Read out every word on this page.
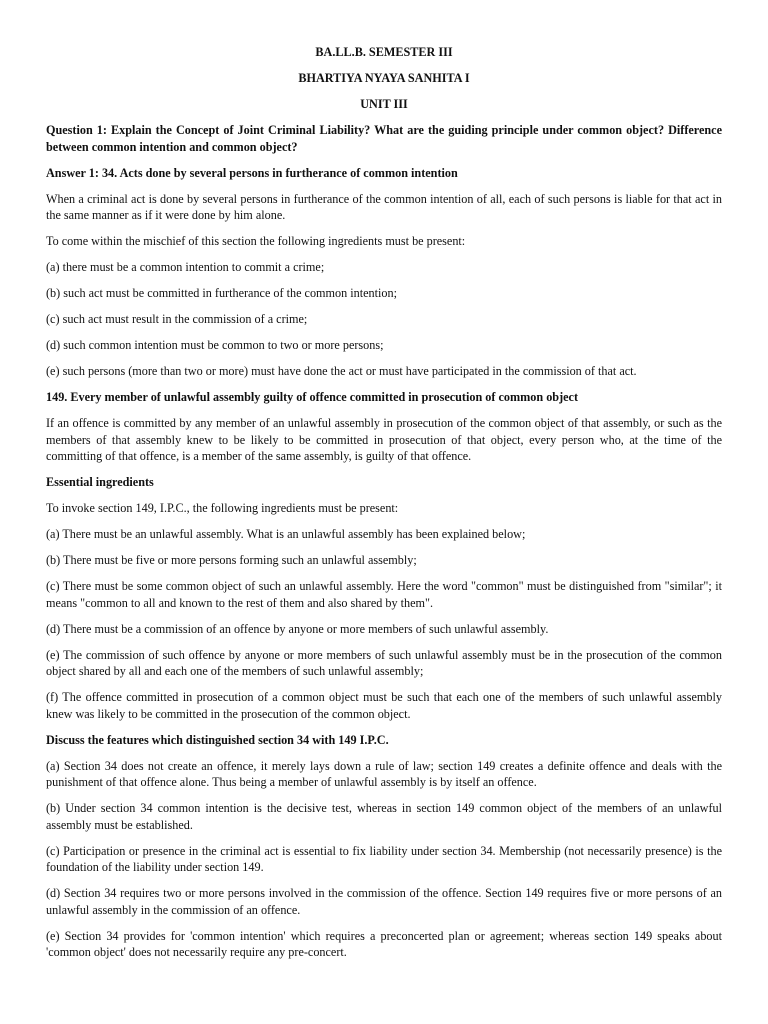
BA.LL.B. SEMESTER III
BHARTIYA NYAYA SANHITA I
UNIT III

Question 1: Explain the Concept of Joint Criminal Liability? What are the guiding principle under common object? Difference between common intention and common object?

Answer 1: 34. Acts done by several persons in furtherance of common intention

When a criminal act is done by several persons in furtherance of the common intention of all, each of such persons is liable for that act in the same manner as if it were done by him alone.

To come within the mischief of this section the following ingredients must be present:

(a) there must be a common intention to commit a crime;

(b) such act must be committed in furtherance of the common intention;

(c) such act must result in the commission of a crime;

(d) such common intention must be common to two or more persons;

(e) such persons (more than two or more) must have done the act or must have participated in the commission of that act.

149. Every member of unlawful assembly guilty of offence committed in prosecution of common object

If an offence is committed by any member of an unlawful assembly in prosecution of the common object of that assembly, or such as the members of that assembly knew to be likely to be committed in prosecution of that object, every person who, at the time of the committing of that offence, is a member of the same assembly, is guilty of that offence.

Essential ingredients

To invoke section 149, I.P.C., the following ingredients must be present:

(a) There must be an unlawful assembly. What is an unlawful assembly has been explained below;

(b) There must be five or more persons forming such an unlawful assembly;

(c) There must be some common object of such an unlawful assembly. Here the word "common" must be distinguished from "similar"; it means "common to all and known to the rest of them and also shared by them".

(d) There must be a commission of an offence by anyone or more members of such unlawful assembly.

(e) The commission of such offence by anyone or more members of such unlawful assembly must be in the prosecution of the common object shared by all and each one of the members of such unlawful assembly;

(f) The offence committed in prosecution of a common object must be such that each one of the members of such unlawful assembly knew was likely to be committed in the prosecution of the common object.

Discuss the features which distinguished section 34 with 149 I.P.C.

(a) Section 34 does not create an offence, it merely lays down a rule of law; section 149 creates a definite offence and deals with the punishment of that offence alone. Thus being a member of unlawful assembly is by itself an offence.

(b) Under section 34 common intention is the decisive test, whereas in section 149 common object of the members of an unlawful assembly must be established.

(c) Participation or presence in the criminal act is essential to fix liability under section 34. Membership (not necessarily presence) is the foundation of the liability under section 149.

(d) Section 34 requires two or more persons involved in the commission of the offence. Section 149 requires five or more persons of an unlawful assembly in the commission of an offence.

(e) Section 34 provides for 'common intention' which requires a preconcerted plan or agreement; whereas section 149 speaks about 'common object' does not necessarily require any pre-concert.
